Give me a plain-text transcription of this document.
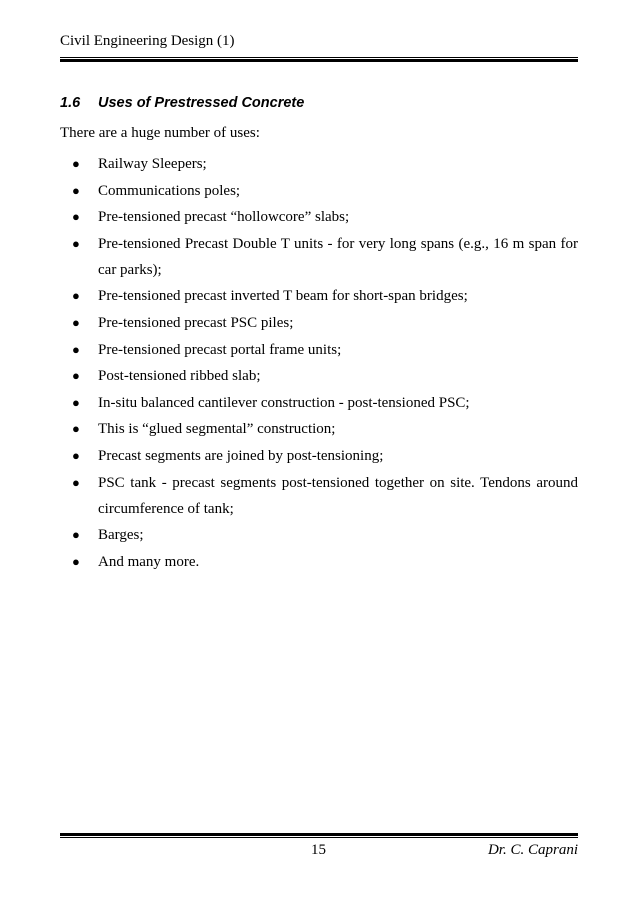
Civil Engineering Design (1)
1.6 Uses of Prestressed Concrete
There are a huge number of uses:
● Railway Sleepers;
● Communications poles;
● Pre-tensioned precast “hollowcore” slabs;
● Pre-tensioned Precast Double T units - for very long spans (e.g., 16 m span for car parks);
● Pre-tensioned precast inverted T beam for short-span bridges;
● Pre-tensioned precast PSC piles;
● Pre-tensioned precast portal frame units;
● Post-tensioned ribbed slab;
● In-situ balanced cantilever construction - post-tensioned PSC;
● This is “glued segmental” construction;
● Precast segments are joined by post-tensioning;
● PSC tank - precast segments post-tensioned together on site. Tendons around circumference of tank;
● Barges;
● And many more.
15	Dr. C. Caprani
